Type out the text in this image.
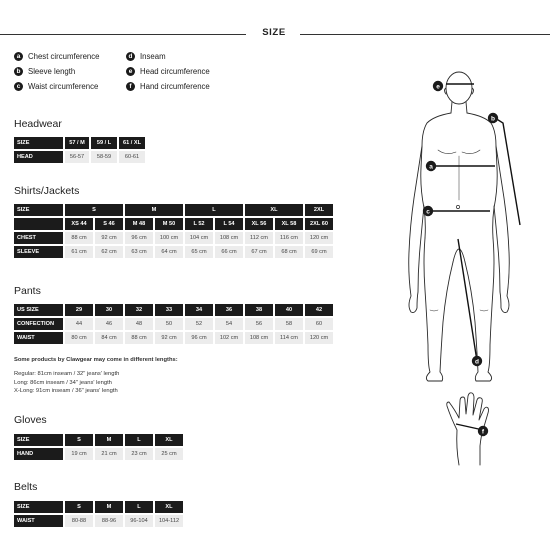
SIZE
a Chest circumference
b Sleeve length
c Waist circumference
d Inseam
e Head circumference
f	Hand circumference
Headwear
SIZE	57 / M	59 / L	61 / XL
HEAD	56-57	58-59	60-61
Shirts/Jackets
SIZE	S		M		L		XL		2XL
	XS 44	S 46	M 48	M 50	L 52	L 54	XL 56	XL 58	2XL 60
CHEST	88 cm	92 cm	96 cm	100 cm	104 cm	108 cm	112 cm	116 cm	120 cm
SLEEVE	61 cm	62 cm	63 cm	64 cm	65 cm	66 cm	67 cm	68 cm	69 cm
Pants
US SIZE	29	30	32	33	34	36	38	40	42
CONFECTION	44	46	48	50	52	54	56	58	60
WAIST	80 cm	84 cm	88 cm	92 cm	96 cm	102 cm	108 cm	114 cm	120 cm
Some products by Clawgear may come in different lengths:
Regular: 81cm inseam / 32" jeans' length
Long: 86cm inseam / 34" jeans' length
X-Long: 91cm inseam / 36" jeans' length
Gloves
SIZE	S	M	L	XL
HAND	19 cm	21 cm	23 cm	25 cm
Belts
SIZE	S	M	L	XL
WAIST	80-88	88-96	96-104	104-112
e
b
a
c
d
f
